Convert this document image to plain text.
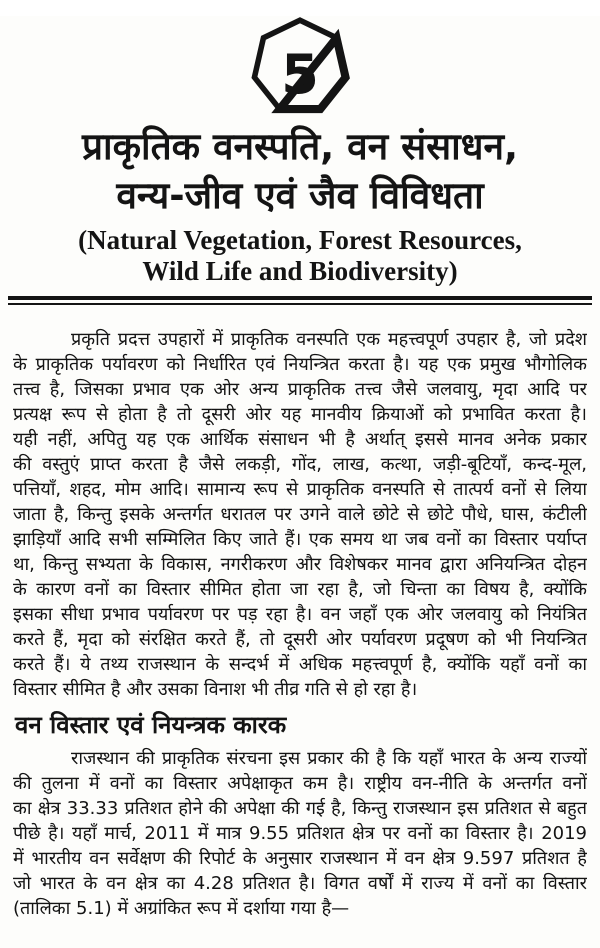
5
प्राकृतिक वनस्पति, वन संसाधन,
वन्य-जीव एवं जैव विविधता
(Natural Vegetation, Forest Resources,
Wild Life and Biodiversity)
प्रकृति प्रदत्त उपहारों में प्राकृतिक वनस्पति एक महत्त्वपूर्ण उपहार है, जो प्रदेश
के प्राकृतिक पर्यावरण को निर्धारित एवं नियन्त्रित करता है। यह एक प्रमुख भौगोलिक
तत्त्व है, जिसका प्रभाव एक ओर अन्य प्राकृतिक तत्त्व जैसे जलवायु, मृदा आदि पर
प्रत्यक्ष रूप से होता है तो दूसरी ओर यह मानवीय क्रियाओं को प्रभावित करता है।
यही नहीं, अपितु यह एक आर्थिक संसाधन भी है अर्थात् इससे मानव अनेक प्रकार
की वस्तुएं प्राप्त करता है जैसे लकड़ी, गोंद, लाख, कत्था, जड़ी-बूटियाँ, कन्द-मूल,
पत्तियाँ, शहद, मोम आदि। सामान्य रूप से प्राकृतिक वनस्पति से तात्पर्य वनों से लिया
जाता है, किन्तु इसके अन्तर्गत धरातल पर उगने वाले छोटे से छोटे पौधे, घास, कंटीली
झाड़ियाँ आदि सभी सम्मिलित किए जाते हैं। एक समय था जब वनों का विस्तार पर्याप्त
था, किन्तु सभ्यता के विकास, नगरीकरण और विशेषकर मानव द्वारा अनियन्त्रित दोहन
के कारण वनों का विस्तार सीमित होता जा रहा है, जो चिन्ता का विषय है, क्योंकि
इसका सीधा प्रभाव पर्यावरण पर पड़ रहा है। वन जहाँ एक ओर जलवायु को नियंत्रित
करते हैं, मृदा को संरक्षित करते हैं, तो दूसरी ओर पर्यावरण प्रदूषण को भी नियन्त्रित
करते हैं। ये तथ्य राजस्थान के सन्दर्भ में अधिक महत्त्वपूर्ण है, क्योंकि यहाँ वनों का
विस्तार सीमित है और उसका विनाश भी तीव्र गति से हो रहा है।
वन विस्तार एवं नियन्त्रक कारक
राजस्थान की प्राकृतिक संरचना इस प्रकार की है कि यहाँ भारत के अन्य राज्यों
की तुलना में वनों का विस्तार अपेक्षाकृत कम है। राष्ट्रीय वन-नीति के अन्तर्गत वनों
का क्षेत्र 33.33 प्रतिशत होने की अपेक्षा की गई है, किन्तु राजस्थान इस प्रतिशत से बहुत
पीछे है। यहाँ मार्च, 2011 में मात्र 9.55 प्रतिशत क्षेत्र पर वनों का विस्तार है। 2019
में भारतीय वन सर्वेक्षण की रिपोर्ट के अनुसार राजस्थान में वन क्षेत्र 9.597 प्रतिशत है
जो भारत के वन क्षेत्र का 4.28 प्रतिशत है। विगत वर्षों में राज्य में वनों का विस्तार
(तालिका 5.1) में अग्रांकित रूप में दर्शाया गया है—
